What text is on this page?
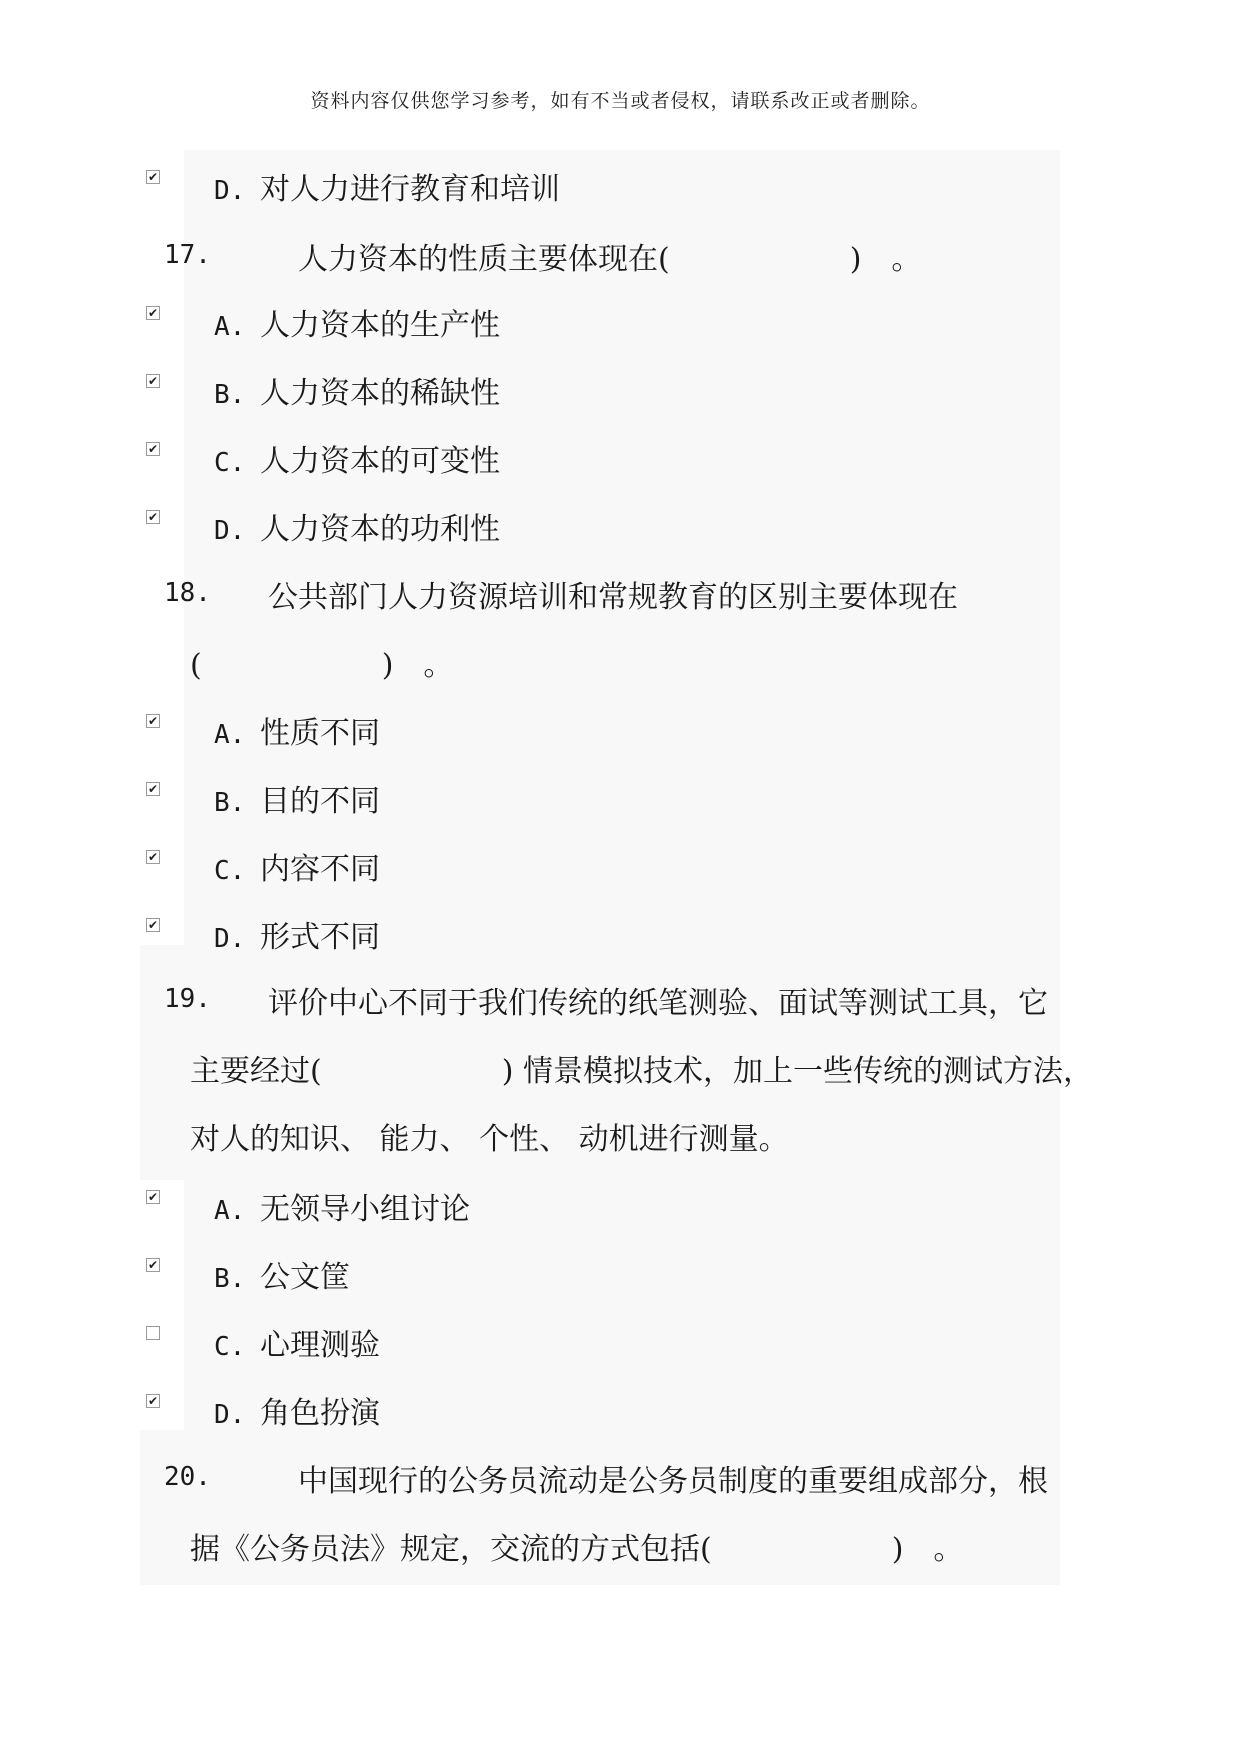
资料内容仅供您学习参考，如有不当或者侵权，请联系改正或者删除。
✔ D. 对人力进行教育和培训
17.	人力资本的性质主要体现在(　　　　　　)　。
✔ A. 人力资本的生产性
✔ B. 人力资本的稀缺性
✔ C. 人力资本的可变性
✔ D. 人力资本的功利性
18. 公共部门人力资源培训和常规教育的区别主要体现在
(　　　　　　)　。
✔ A. 性质不同
✔ B. 目的不同
✔ C. 内容不同
✔ D. 形式不同
19. 评价中心不同于我们传统的纸笔测验、面试等测试工具，它
主要经过(　　　　　　) 情景模拟技术，加上一些传统的测试方法，
对人的知识、 能力、 个性、 动机进行测量。
✔ A. 无领导小组讨论
✔ B. 公文筐
C. 心理测验
✔ D. 角色扮演
20.	中国现行的公务员流动是公务员制度的重要组成部分，根
据《公务员法》规定，交流的方式包括(　　　　　　)　。
